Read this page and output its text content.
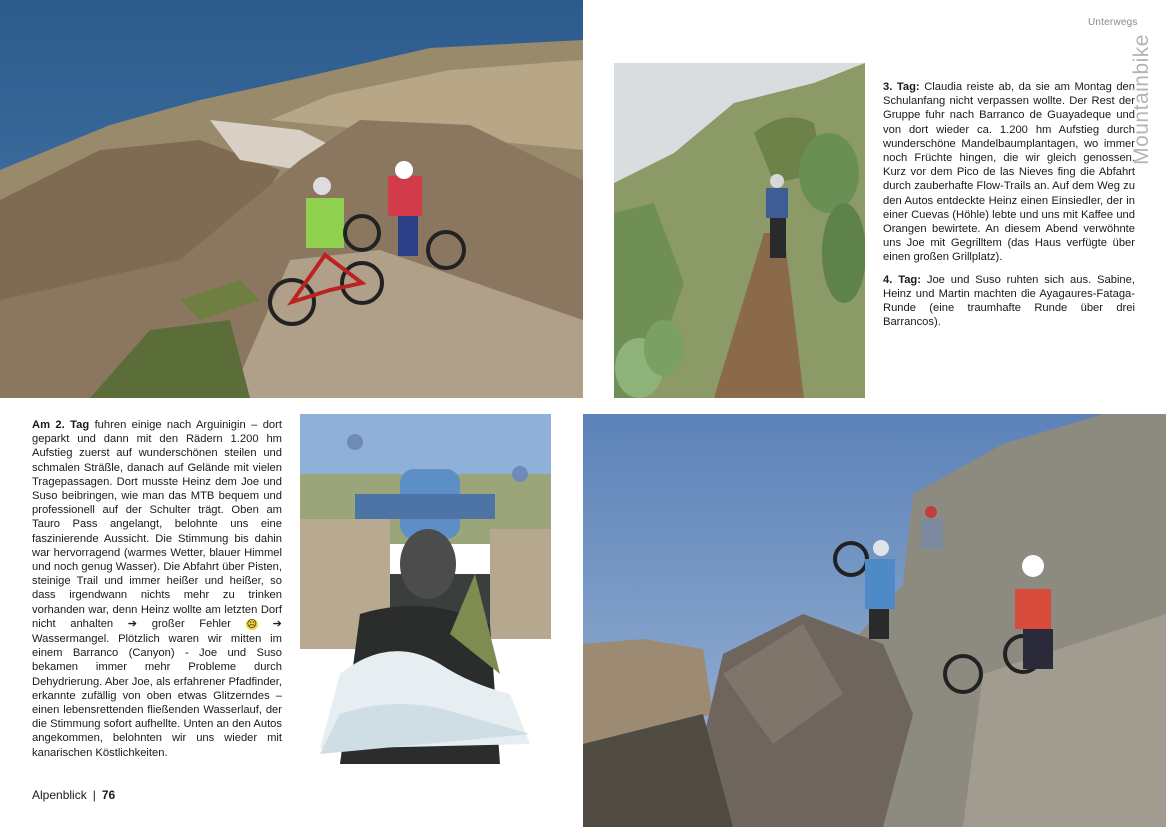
Unterwegs

3. Tag: Claudia reiste ab, da sie am Montag den Schulanfang nicht verpassen wollte. Der Rest der Gruppe fuhr nach Barranco de Guayadeque und von dort wieder ca. 1.200 hm Aufstieg durch wunderschöne Mandelbaumplantagen, wo immer noch Früchte hingen, die wir gleich genossen. Kurz vor dem Pico de las Nieves fing die Abfahrt durch zauberhafte Flow-Trails an. Auf dem Weg zu den Autos entdeckte Heinz einen Einsiedler, der in einer Cuevas (Höhle) lebte und uns mit Kaffee und Orangen bewirtete. An diesem Abend verwöhnte uns Joe mit Gegrilltem (das Haus verfügte über einen großen Grillplatz).

4. Tag: Joe und Suso ruhten sich aus. Sabine, Heinz und Martin machten die Ayagaures-Fataga-Runde (eine traumhafte Runde über drei Barrancos).

Mountainbike

Am 2. Tag fuhren einige nach Arguinigin – dort geparkt und dann mit den Rädern 1.200 hm Aufstieg zuerst auf wunderschönen steilen und schmalen Sträßle, danach auf Gelände mit vielen Tragepassagen. Dort musste Heinz dem Joe und Suso beibringen, wie man das MTB bequem und professionell auf der Schulter trägt. Oben am Tauro Pass angelangt, belohnte uns eine faszinierende Aussicht. Die Stimmung bis dahin war hervorragend (warmes Wetter, blauer Himmel und noch genug Wasser). Die Abfahrt über Pisten, steinige Trail und immer heißer und heißer, so dass irgendwann nichts mehr zu trinken vorhanden war, denn Heinz wollte am letzten Dorf nicht anhalten ➔ großer Fehler ☹ ➔ Wassermangel. Plötzlich waren wir mitten im einem Barranco (Canyon) - Joe und Suso bekamen immer mehr Probleme durch Dehydrierung. Aber Joe, als erfahrener Pfadfinder, erkannte zufällig von oben etwas Glitzerndes – einen lebensrettenden fließenden Wasserlauf, der die Stimmung sofort aufhellte. Unten an den Autos angekommen, belohnten wir uns wieder mit kanarischen Köstlichkeiten.

Alpenblick | 76
